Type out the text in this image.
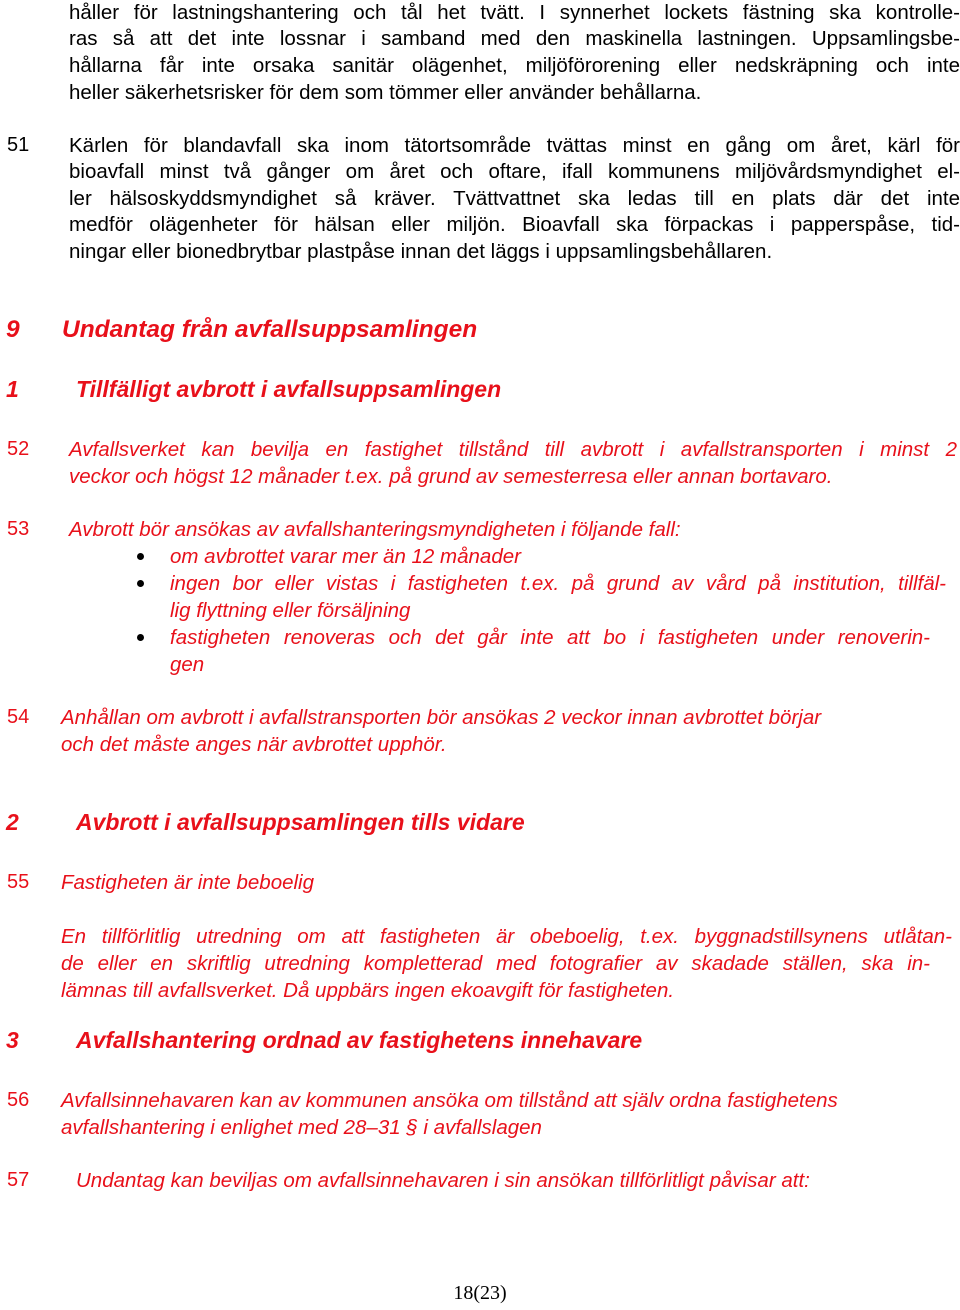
håller för lastningshantering och tål het tvätt. I synnerhet lockets fästning ska kontrolle-
ras så att det inte lossnar i samband med den maskinella lastningen. Uppsamlingsbe-
hållarna får inte orsaka sanitär olägenhet, miljöförorening eller nedskräpning och inte
heller säkerhetsrisker för dem som tömmer eller använder behållarna.
51 Kärlen för blandavfall ska inom tätortsområde tvättas minst en gång om året, kärl för
bioavfall minst två gånger om året och oftare, ifall kommunens miljövårdsmyndighet el-
ler hälsoskyddsmyndighet så kräver. Tvättvattnet ska ledas till en plats där det inte
medför olägenheter för hälsan eller miljön. Bioavfall ska förpackas i papperspåse, tid-
ningar eller bionedbrytbar plastpåse innan det läggs i uppsamlingsbehållaren.
9 Undantag från avfallsuppsamlingen
1 Tillfälligt avbrott i avfallsuppsamlingen
52 Avfallsverket kan bevilja en fastighet tillstånd till avbrott i avfallstransporten i minst 2
veckor och högst 12 månader t.ex. på grund av semesterresa eller annan bortavaro.
53 Avbrott bör ansökas av avfallshanteringsmyndigheten i följande fall:
om avbrottet varar mer än 12 månader
ingen bor eller vistas i fastigheten t.ex. på grund av vård på institution, tillfäl-
lig flyttning eller försäljning
fastigheten renoveras och det går inte att bo i fastigheten under renoverin-
gen
54 Anhållan om avbrott i avfallstransporten bör ansökas 2 veckor innan avbrottet börjar
och det måste anges när avbrottet upphör.
2 Avbrott i avfallsuppsamlingen tills vidare
55 Fastigheten är inte beboelig
En tillförlitlig utredning om att fastigheten är obeboelig, t.ex. byggnadstillsynens utlåtan-
de eller en skriftlig utredning kompletterad med fotografier av skadade ställen, ska in-
lämnas till avfallsverket. Då uppbärs ingen ekoavgift för fastigheten.
3 Avfallshantering ordnad av fastighetens innehavare
56 Avfallsinnehavaren kan av kommunen ansöka om tillstånd att själv ordna fastighetens
avfallshantering i enlighet med 28–31 § i avfallslagen
57 Undantag kan beviljas om avfallsinnehavaren i sin ansökan tillförlitligt påvisar att:
18(23)
